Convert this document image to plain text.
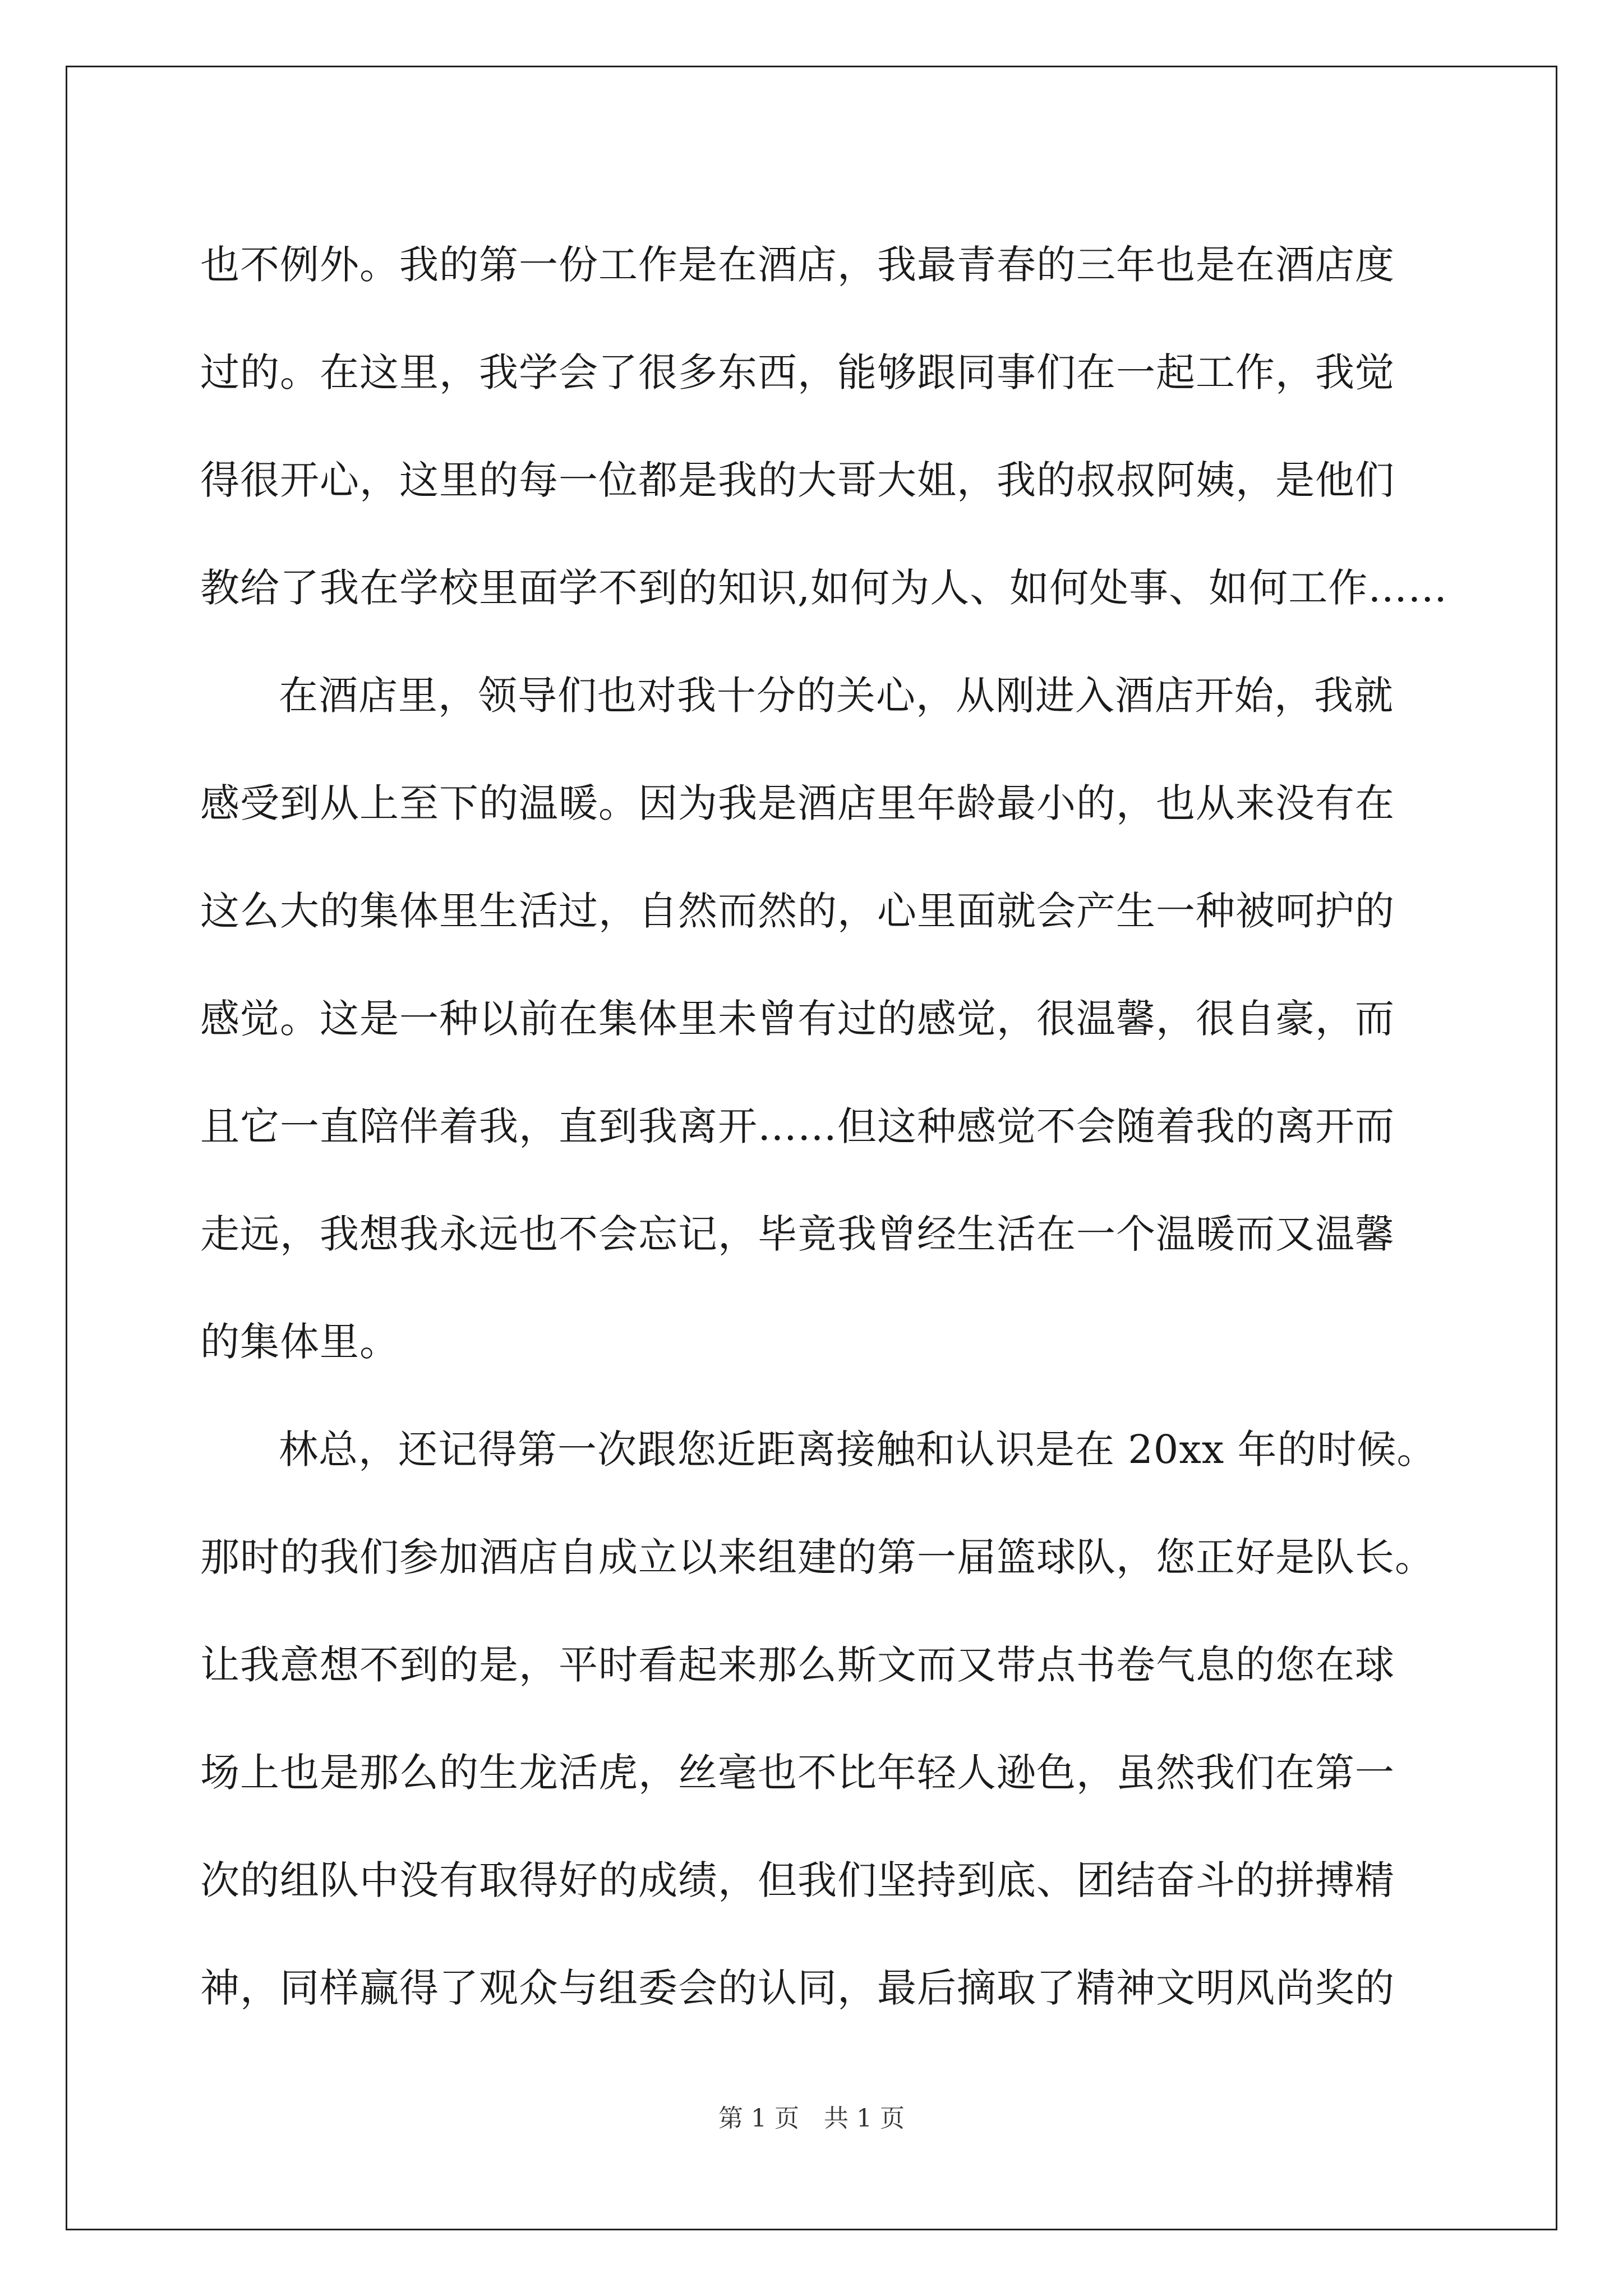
也不例外。我的第一份工作是在酒店，我最青春的三年也是在酒店度
过的。在这里，我学会了很多东西，能够跟同事们在一起工作，我觉
得很开心，这里的每一位都是我的大哥大姐，我的叔叔阿姨，是他们
教给了我在学校里面学不到的知识,如何为人、如何处事、如何工作……
在酒店里，领导们也对我十分的关心，从刚进入酒店开始，我就
感受到从上至下的温暖。因为我是酒店里年龄最小的，也从来没有在
这么大的集体里生活过，自然而然的，心里面就会产生一种被呵护的
感觉。这是一种以前在集体里未曾有过的感觉，很温馨，很自豪，而
且它一直陪伴着我，直到我离开……但这种感觉不会随着我的离开而
走远，我想我永远也不会忘记，毕竟我曾经生活在一个温暖而又温馨
的集体里。
林总，还记得第一次跟您近距离接触和认识是在 20xx 年的时候。
那时的我们参加酒店自成立以来组建的第一届篮球队，您正好是队长。
让我意想不到的是，平时看起来那么斯文而又带点书卷气息的您在球
场上也是那么的生龙活虎，丝毫也不比年轻人逊色，虽然我们在第一
次的组队中没有取得好的成绩，但我们坚持到底、团结奋斗的拼搏精
神，同样赢得了观众与组委会的认同，最后摘取了精神文明风尚奖的
第 1 页　共 1 页
